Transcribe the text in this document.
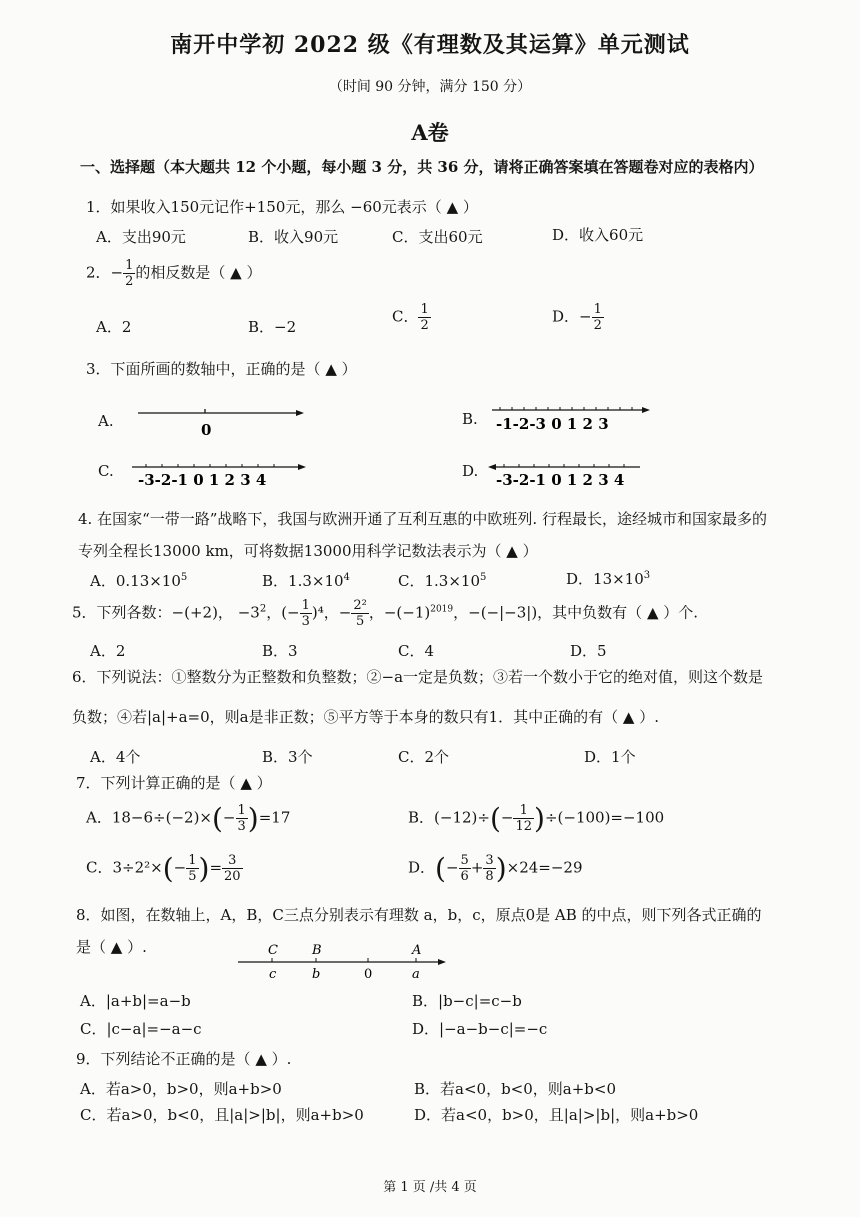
南开中学初 2022 级《有理数及其运算》单元测试
（时间 90 分钟，满分 150 分）
A卷
一、选择题（本大题共 12 个小题，每小题 3 分，共 36 分，请将正确答案填在答题卷对应的表格内）
1．如果收入150元记作+150元，那么 −60元表示（ ▲ ）
A．支出90元	B．收入90元	C．支出60元	D．收入60元
2．− $\frac{1}{2}$ 的相反数是（ ▲ ）
A．2	B．−2
C． $\frac{1}{2}$	D．− $\frac{1}{2}$
3．下面所画的数轴中，正确的是（ ▲ ）
A.	B.
C.	D.
0	-1-2-3 0 1 2 3
-3-2-1 0 1 2 3 4	-3-2-1 0 1 2 3 4
4. 在国家“一带一路”战略下，我国与欧洲开通了互利互惠的中欧班列. 行程最长，途经城市和国家最多的
专列全程长13000 km，可将数据13000用科学记数法表示为（ ▲ ）
A．$0.13\times 10^5$	B．$1.3\times 10^4$	C．$1.3\times 10^5$	D．$13\times 10^3$
5．下列各数：−(+2)， $-3^2$，(− $\frac{1}{3} )^4$，− $\frac{\text{2²}}{5}$ ，$-(-1)^{2019}$，−(−|−3|)，其中负数有（ ▲ ）个.
A．2	B．3	C．4	D．5
6．下列说法：①整数分为正整数和负整数；②−a一定是负数；③若一个数小于它的绝对值，则这个数是
负数；④若|a|+a=0，则a是非正数；⑤平方等于本身的数只有1．其中正确的有（ ▲ ）.
A．4个	B．3个	C．2个	D．1个
7．下列计算正确的是（ ▲ ）
A．$18-6\div(-2)\times(- \frac{1}{3} )=17$	B．$(-12)\div(- \frac{1}{12} )\div(-100)=-100$
C．$3\div 2^2\times(- \frac{1}{5}$ )= $\frac{3}{20}$	D．(− $\frac{5}{6} + \frac{3}{8} )\times 24=-29$
8．如图，在数轴上，A，B，C三点分别表示有理数 a，b，c，原点0是 AB 的中点，则下列各式正确的
是（ ▲ ）.	C	B	A
c	b	0	a
A．|a+b|=a−b	B．|b−c|=c−b
C．|c−a|=−a−c	D．|−a−b−c|=−c
9．下列结论不正确的是（ ▲ ）.
A．若a>0，b>0，则a+b>0	B．若a<0，b<0，则a+b<0
C．若a>0，b<0，且|a|>|b|，则a+b>0	D．若a<0，b>0，且|a|>|b|，则a+b>0
第 1 页 /共 4 页
